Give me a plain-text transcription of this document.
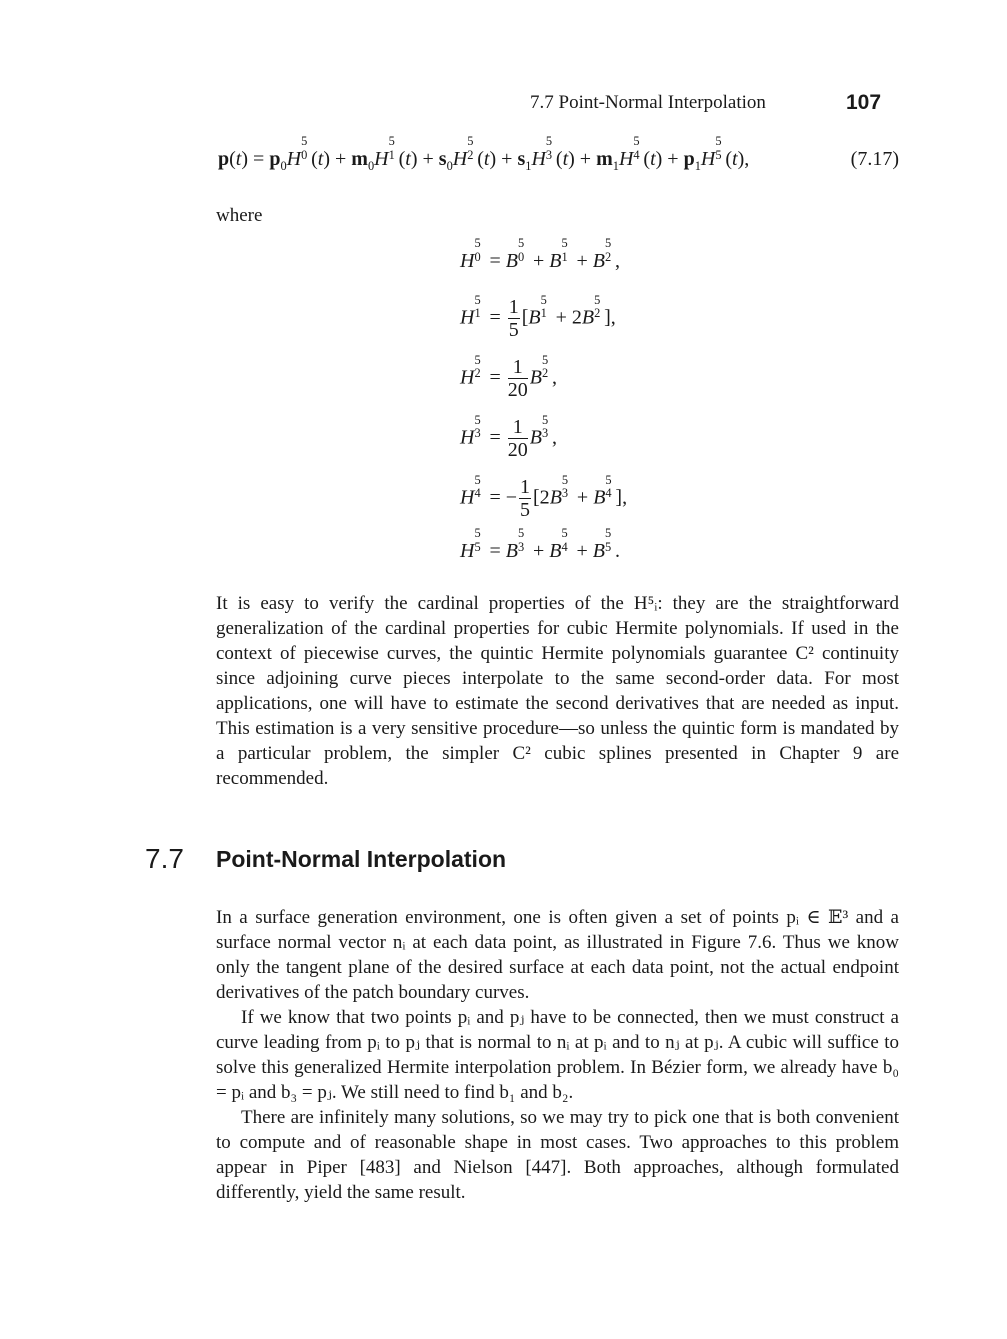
7.7 Point-Normal Interpolation	107
$p(t) = p_0H$
5
0 $(t) + m_0H$
5
1 $(t) + s_0H$
5
2 $(t) + s_1H$
5
3 $(t) + m_1H$
5
4 $(t) + p_1H$
5
5 (t),	(7.17)
where
H
5
0 = B
5
0 + B
5
1 + B
5
2 ,
H
5
$1 = \frac{1}{5} [B$
5
1 + 2B
5
2 ],
H
5
$2 = \frac{1}{20}$ B
5
2 ,
H
5
$3 = \frac{1}{20}$ B
5
3 ,
H
5
4 = − $\frac{1}{5} [2B$
5
3 + B
5
4 ],
H
5
5 = B
5
3 + B
5
4 + B
5
5 .

It is easy to verify the cardinal properties of the H⁵ᵢ: they are the straightforward generalization of the cardinal properties for cubic Hermite polynomials. If used in the context of piecewise curves, the quintic Hermite polynomials guarantee C² continuity since adjoining curve pieces interpolate to the same second-order data. For most applications, one will have to estimate the second derivatives that are needed as input. This estimation is a very sensitive procedure—so unless the quintic form is mandated by a particular problem, the simpler C² cubic splines presented in Chapter 9 are recommended.

7.7 Point-Normal Interpolation

In a surface generation environment, one is often given a set of points pᵢ ∈ 𝔼³ and a surface normal vector nᵢ at each data point, as illustrated in Figure 7.6. Thus we know only the tangent plane of the desired surface at each data point, not the actual endpoint derivatives of the patch boundary curves.

If we know that two points pᵢ and pⱼ have to be connected, then we must construct a curve leading from pᵢ to pⱼ that is normal to nᵢ at pᵢ and to nⱼ at pⱼ. A cubic will suffice to solve this generalized Hermite interpolation problem. In Bézier form, we already have b₀ = pᵢ and b₃ = pⱼ. We still need to find b₁ and b₂.

There are infinitely many solutions, so we may try to pick one that is both convenient to compute and of reasonable shape in most cases. Two approaches to this problem appear in Piper [483] and Nielson [447]. Both approaches, although formulated differently, yield the same result.
